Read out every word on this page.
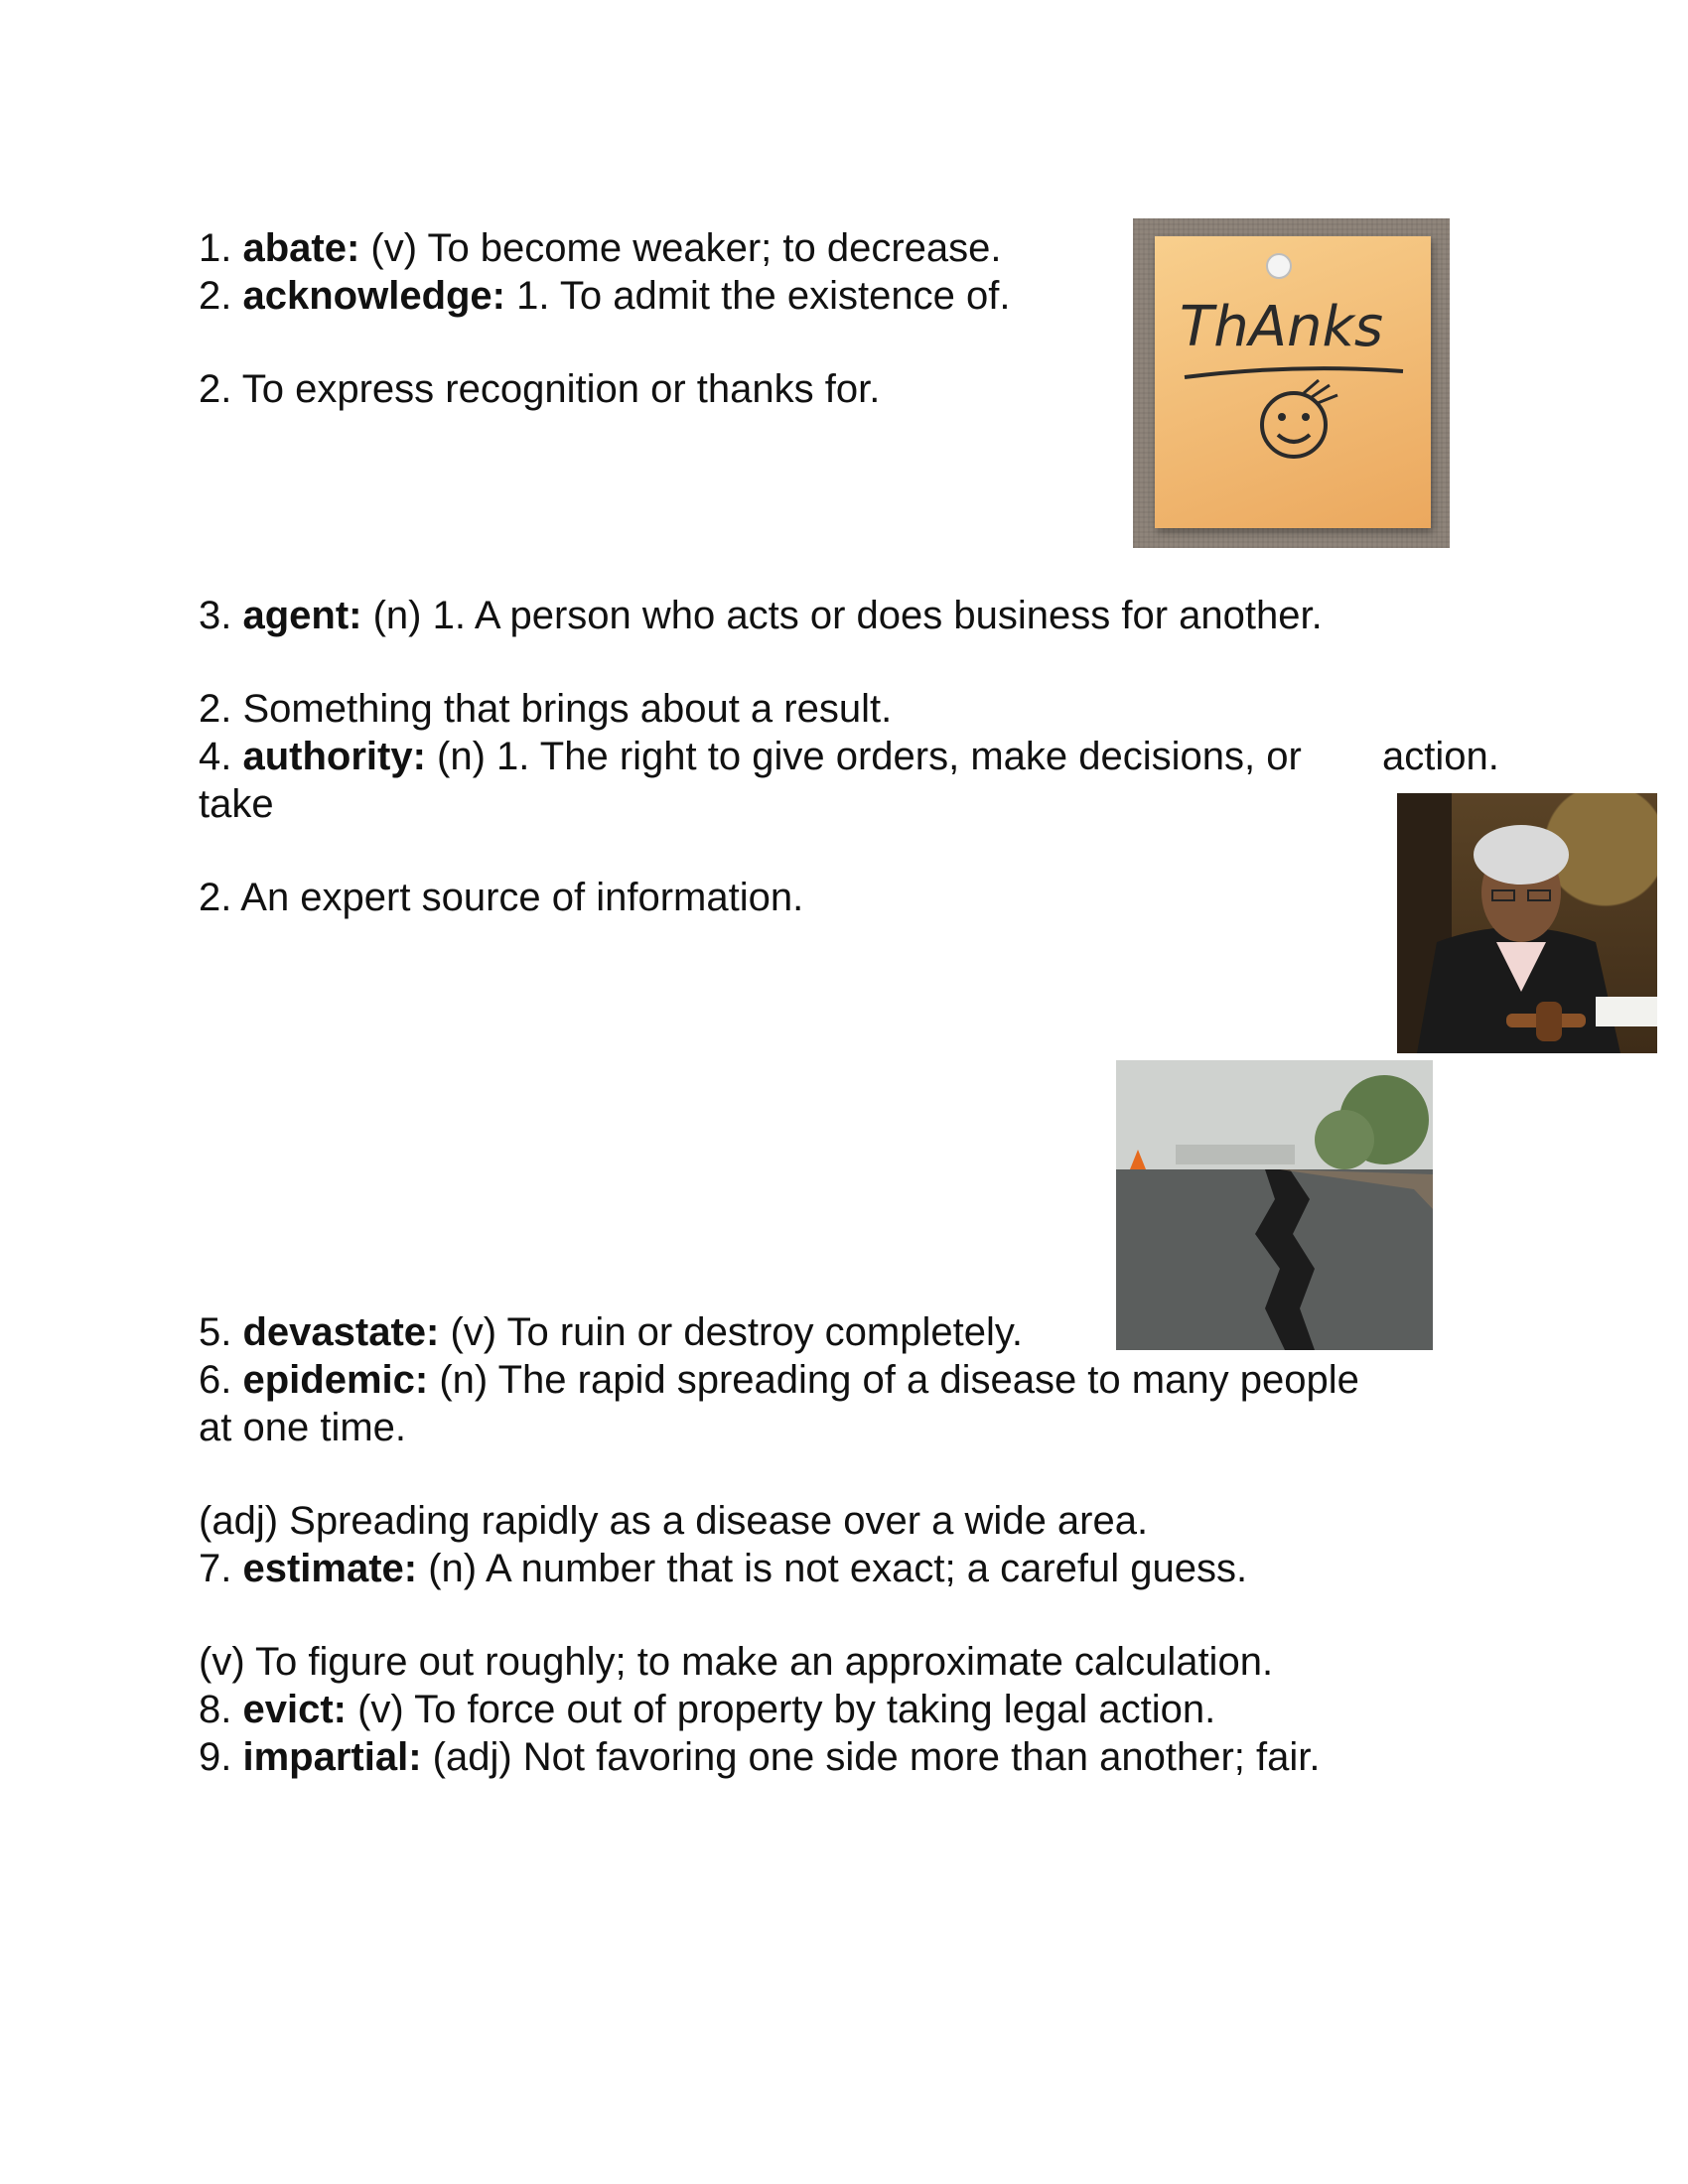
1. abate: (v) To become weaker; to decrease.
2. acknowledge: 1. To admit the existence of.
2. To express recognition or thanks for.
3. agent: (n) 1. A person who acts or does business for another.
2. Something that brings about a result.
4. authority: (n) 1. The right to give orders, make decisions, or action.
take
2. An expert source of information.
5. devastate: (v) To ruin or destroy completely.
6. epidemic: (n) The rapid spreading of a disease to many people
at one time.
(adj) Spreading rapidly as a disease over a wide area.
7. estimate: (n) A number that is not exact; a careful guess.
(v) To figure out roughly; to make an approximate calculation.
8. evict: (v) To force out of property by taking legal action.
9. impartial: (adj) Not favoring one side more than another; fair.
ThAnks
